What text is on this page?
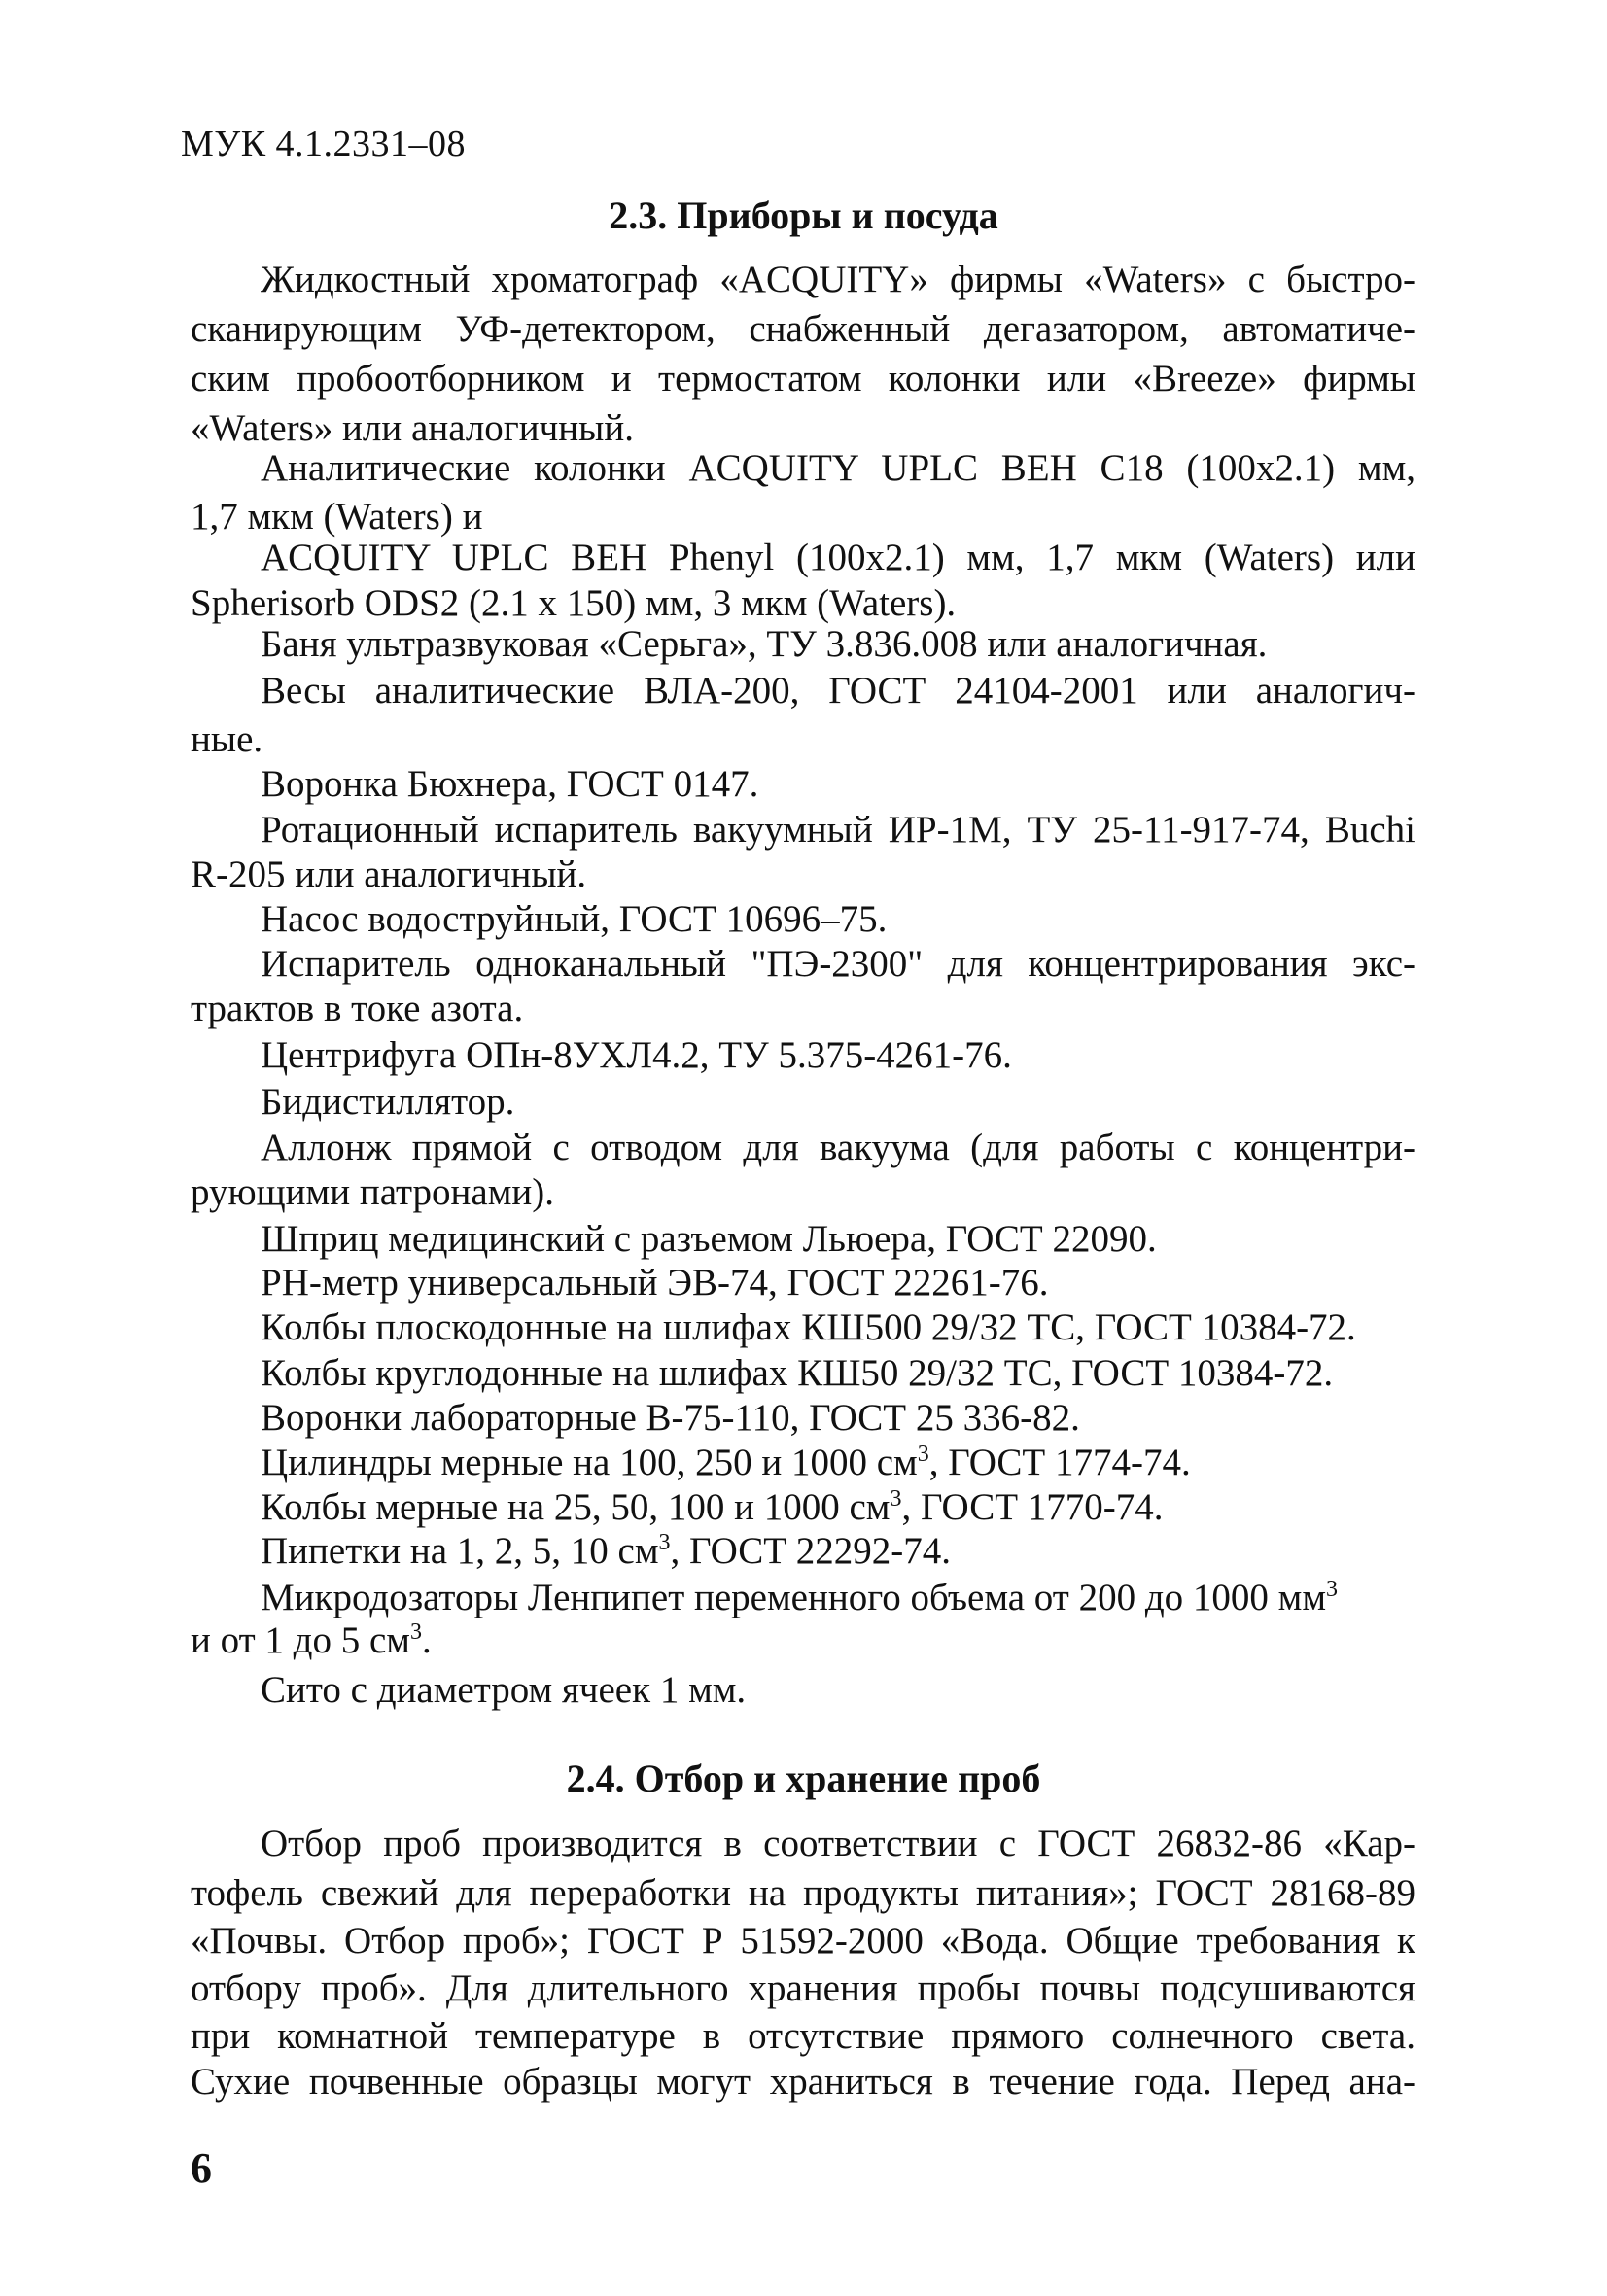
МУК 4.1.2331–08
2.3. Приборы и посуда
Жидкостный хроматограф «ACQUITY» фирмы «Waters» с быстро-
сканирующим УФ-детектором, снабженный дегазатором, автоматиче-
ским пробоотборником и термостатом колонки или «Breeze» фирмы
«Waters» или аналогичный.
Аналитические колонки ACQUITY UPLC BEH C18 (100x2.1) мм,
1,7 мкм (Waters) и
ACQUITY UPLC BEH Phenyl (100x2.1) мм, 1,7 мкм (Waters) или
Spherisorb ODS2 (2.1 x 150) мм, 3 мкм (Waters).
Баня ультразвуковая «Серьга», ТУ 3.836.008 или аналогичная.
Весы аналитические ВЛА-200, ГОСТ 24104-2001 или аналогич-
ные.
Воронка Бюхнера, ГОСТ 0147.
Ротационный испаритель вакуумный ИР-1М, ТУ 25-11-917-74, Buchi
R-205 или аналогичный.
Насос водоструйный, ГОСТ 10696–75.
Испаритель одноканальный "ПЭ-2300" для концентрирования экс-
трактов в токе азота.
Центрифуга ОПн-8УХЛ4.2, ТУ 5.375-4261-76.
Бидистиллятор.
Аллонж прямой с отводом для вакуума (для работы с концентри-
рующими патронами).
Шприц медицинский с разъемом Льюера, ГОСТ 22090.
РН-метр универсальный ЭВ-74, ГОСТ 22261-76.
Колбы плоскодонные на шлифах КШ500 29/32 ТС, ГОСТ 10384-72.
Колбы круглодонные на шлифах КШ50 29/32 ТС, ГОСТ 10384-72.
Воронки лабораторные В-75-110, ГОСТ 25 336-82.
Цилиндры мерные на 100, 250 и 1000 $см^3$, ГОСТ 1774-74.
Колбы мерные на 25, 50, 100 и 1000 $см^3$, ГОСТ 1770-74.
Пипетки на 1, 2, 5, 10 $см^3$, ГОСТ 22292-74.
Микродозаторы Ленпипет переменного объема от 200 до 1000 $мм^3$
и от 1 до 5 $см^3$.
Сито с диаметром ячеек 1 мм.
2.4. Отбор и хранение проб
Отбор проб производится в соответствии с ГОСТ 26832-86 «Кар-
тофель свежий для переработки на продукты питания»; ГОСТ 28168-89
«Почвы. Отбор проб»; ГОСТ Р 51592-2000 «Вода. Общие требования к
отбору проб». Для длительного хранения пробы почвы подсушиваются
при комнатной температуре в отсутствие прямого солнечного света.
Сухие почвенные образцы могут храниться в течение года. Перед ана-
6
